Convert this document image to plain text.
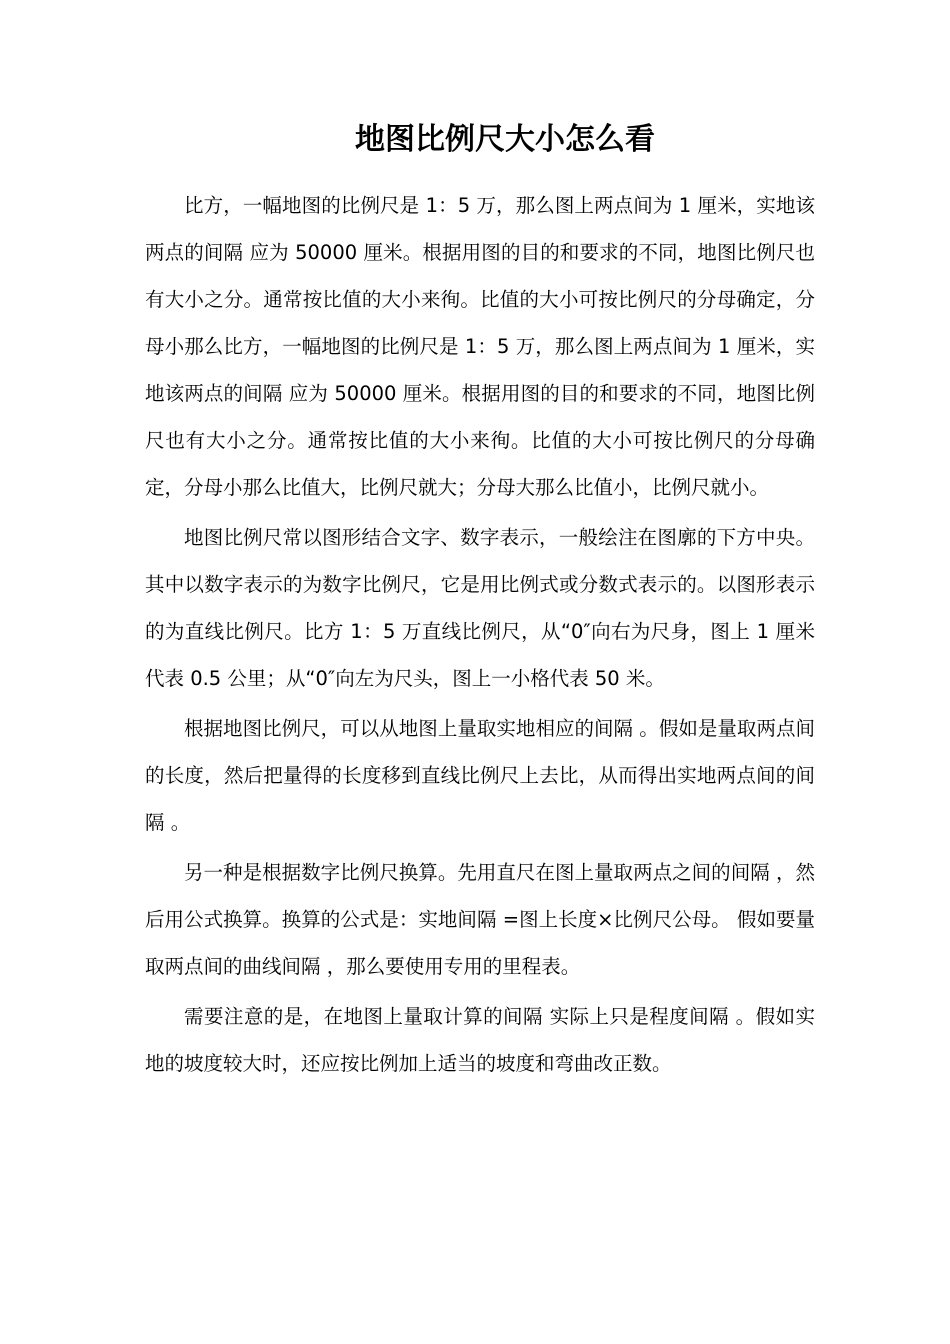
地图比例尺大小怎么看

比方，一幅地图的比例尺是 1：5 万，那么图上两点间为 1 厘米，实地该两点的间隔 应为 50000 厘米。根据用图的目的和要求的不同，地图比例尺也有大小之分。通常按比值的大小来徇。比值的大小可按比例尺的分母确定，分母小那么比方，一幅地图的比例尺是 1：5 万，那么图上两点间为 1 厘米，实地该两点的间隔 应为 50000 厘米。根据用图的目的和要求的不同，地图比例尺也有大小之分。通常按比值的大小来徇。比值的大小可按比例尺的分母确定，分母小那么比值大，比例尺就大；分母大那么比值小，比例尺就小。

地图比例尺常以图形结合文字、数字表示，一般绘注在图廓的下方中央。其中以数字表示的为数字比例尺，它是用比例式或分数式表示的。以图形表示的为直线比例尺。比方 1：5 万直线比例尺，从“0″向右为尺身，图上 1 厘米代表 0.5 公里；从“0″向左为尺头，图上一小格代表 50 米。

根据地图比例尺，可以从地图上量取实地相应的间隔 。假如是量取两点间的长度，然后把量得的长度移到直线比例尺上去比，从而得出实地两点间的间隔 。

另一种是根据数字比例尺换算。先用直尺在图上量取两点之间的间隔 ，然后用公式换算。换算的公式是：实地间隔 =图上长度×比例尺公母。 假如要量取两点间的曲线间隔 ，那么要使用专用的里程表。

需要注意的是，在地图上量取计算的间隔 实际上只是程度间隔 。假如实地的坡度较大时，还应按比例加上适当的坡度和弯曲改正数。
